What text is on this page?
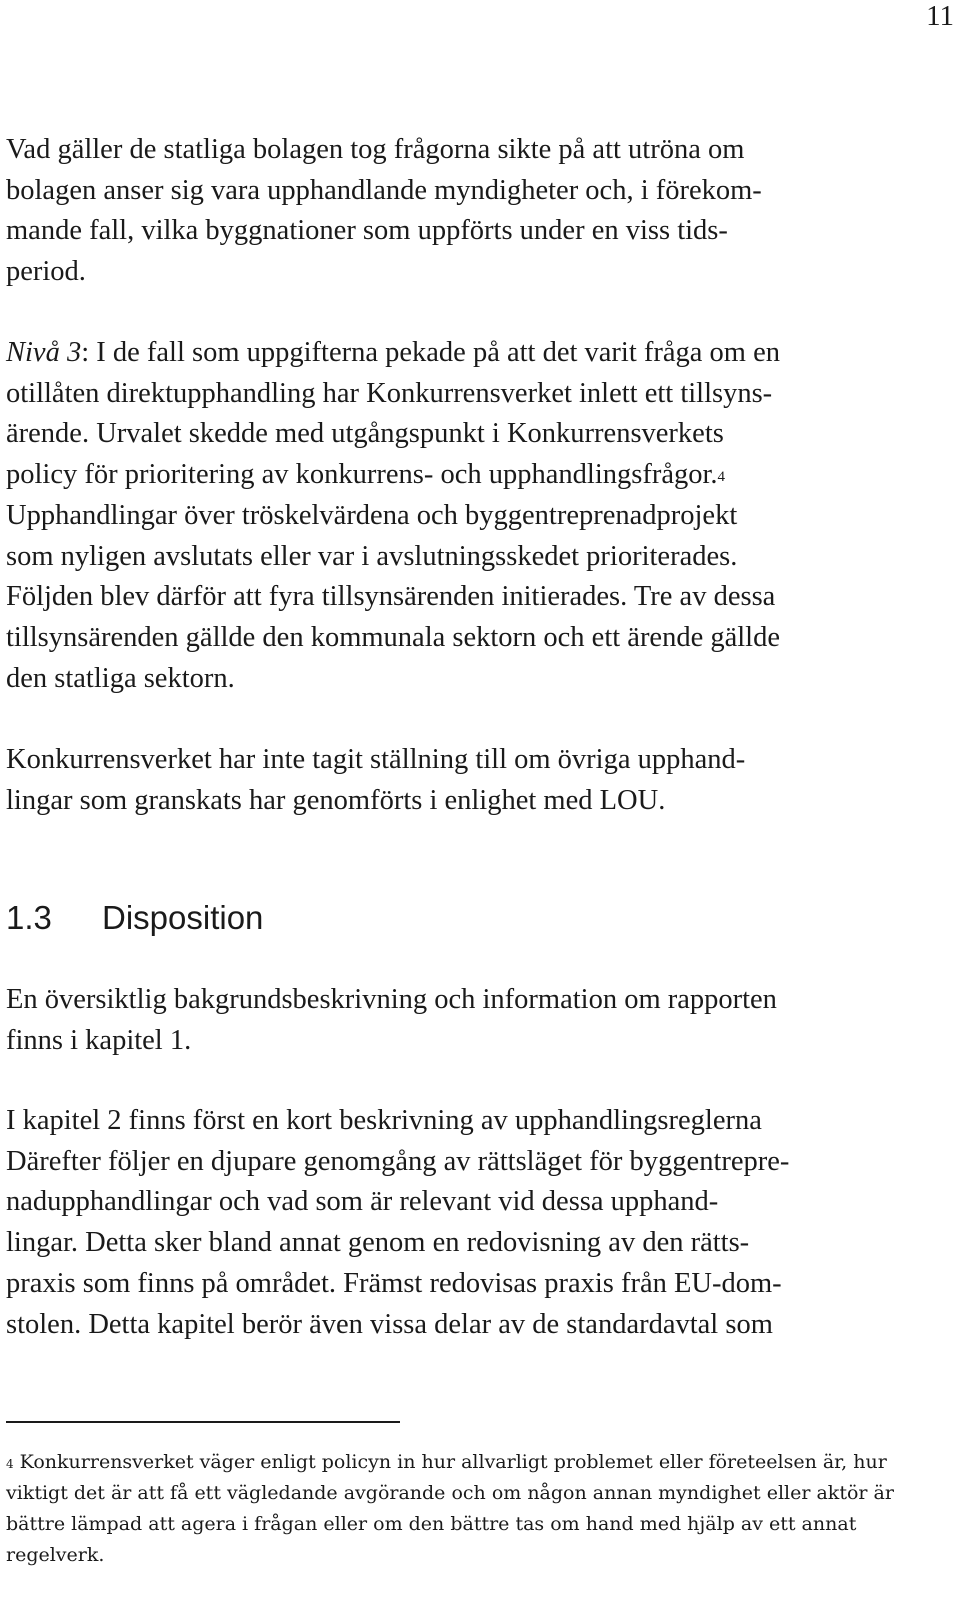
11

Vad gäller de statliga bolagen tog frågorna sikte på att utröna om
bolagen anser sig vara upphandlande myndigheter och, i förekom-
mande fall, vilka byggnationer som uppförts under en viss tids-
period.

Nivå 3: I de fall som uppgifterna pekade på att det varit fråga om en
otillåten direktupphandling har Konkurrensverket inlett ett tillsyns-
ärende. Urvalet skedde med utgångspunkt i Konkurrensverkets
policy för prioritering av konkurrens- och upphandlingsfrågor.$^4$
Upphandlingar över tröskelvärdena och byggentreprenadprojekt
som nyligen avslutats eller var i avslutningsskedet prioriterades.
Följden blev därför att fyra tillsynsärenden initierades. Tre av dessa
tillsynsärenden gällde den kommunala sektorn och ett ärende gällde
den statliga sektorn.

Konkurrensverket har inte tagit ställning till om övriga upphand-
lingar som granskats har genomförts i enlighet med LOU.

1.3 Disposition

En översiktlig bakgrundsbeskrivning och information om rapporten
finns i kapitel 1.

I kapitel 2 finns först en kort beskrivning av upphandlingsreglerna
Därefter följer en djupare genomgång av rättsläget för byggentrepre-
nadupphandlingar och vad som är relevant vid dessa upphand-
lingar. Detta sker bland annat genom en redovisning av den rätts-
praxis som finns på området. Främst redovisas praxis från EU-dom-
stolen. Detta kapitel berör även vissa delar av de standardavtal som

$^4$ Konkurrensverket väger enligt policyn in hur allvarligt problemet eller företeelsen är, hur
viktigt det är att få ett vägledande avgörande och om någon annan myndighet eller aktör är
bättre lämpad att agera i frågan eller om den bättre tas om hand med hjälp av ett annat
regelverk.
